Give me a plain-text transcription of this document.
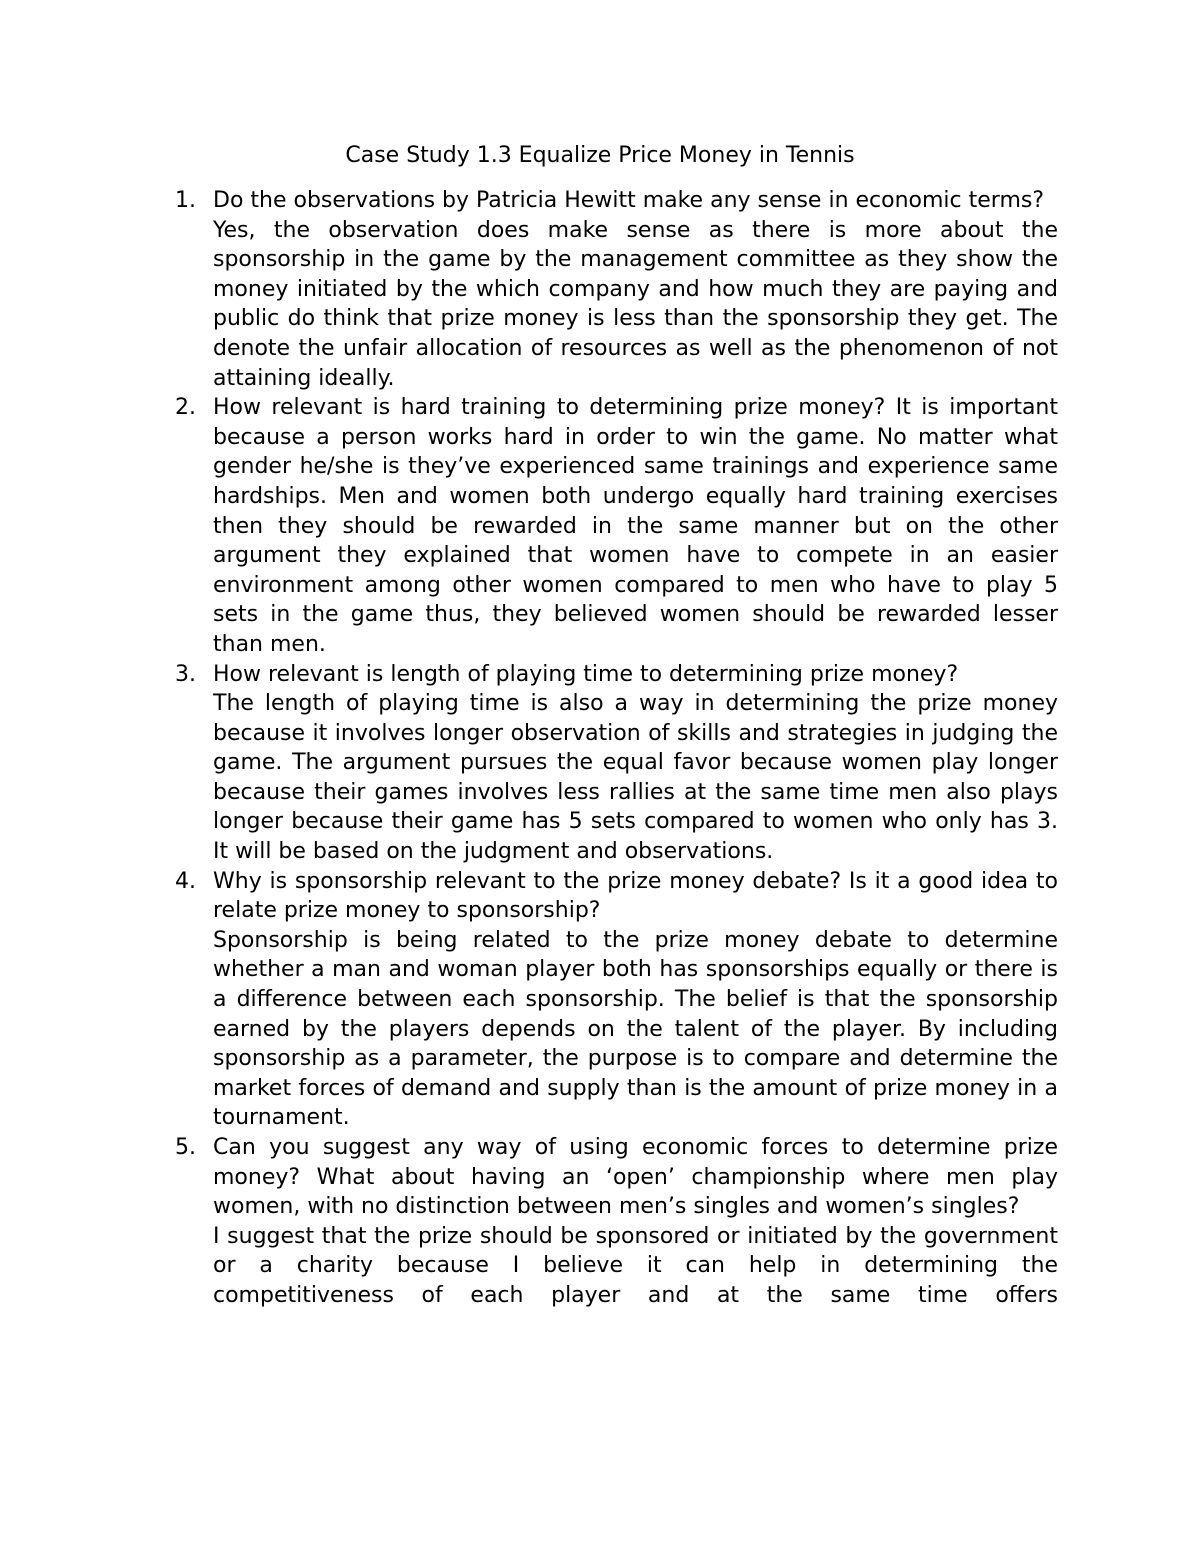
Case Study 1.3 Equalize Price Money in Tennis
1. Do the observations by Patricia Hewitt make any sense in economic terms?

Yes, the observation does make sense as there is more about the sponsorship in the game by the management committee as they show the money initiated by the which company and how much they are paying and public do think that prize money is less than the sponsorship they get. The denote the unfair allocation of resources as well as the phenomenon of not attaining ideally.

2. How relevant is hard training to determining prize money? It is important because a person works hard in order to win the game. No matter what gender he/she is they’ve experienced same trainings and experience same hardships. Men and women both undergo equally hard training exercises then they should be rewarded in the same manner but on the other argument they explained that women have to compete in an easier environment among other women compared to men who have to play 5 sets in the game thus, they believed women should be rewarded lesser than men.

3. How relevant is length of playing time to determining prize money?

The length of playing time is also a way in determining the prize money because it involves longer observation of skills and strategies in judging the game. The argument pursues the equal favor because women play longer because their games involves less rallies at the same time men also plays longer because their game has 5 sets compared to women who only has 3. It will be based on the judgment and observations.

4. Why is sponsorship relevant to the prize money debate? Is it a good idea to relate prize money to sponsorship?

Sponsorship is being related to the prize money debate to determine whether a man and woman player both has sponsorships equally or there is a difference between each sponsorship. The belief is that the sponsorship earned by the players depends on the talent of the player. By including sponsorship as a parameter, the purpose is to compare and determine the market forces of demand and supply than is the amount of prize money in a tournament.

5. Can you suggest any way of using economic forces to determine prize money? What about having an ‘open’ championship where men play women, with no distinction between men’s singles and women’s singles?

I suggest that the prize should be sponsored or initiated by the government or a charity because I believe it can help in determining the competitiveness of each player and at the same time offers
